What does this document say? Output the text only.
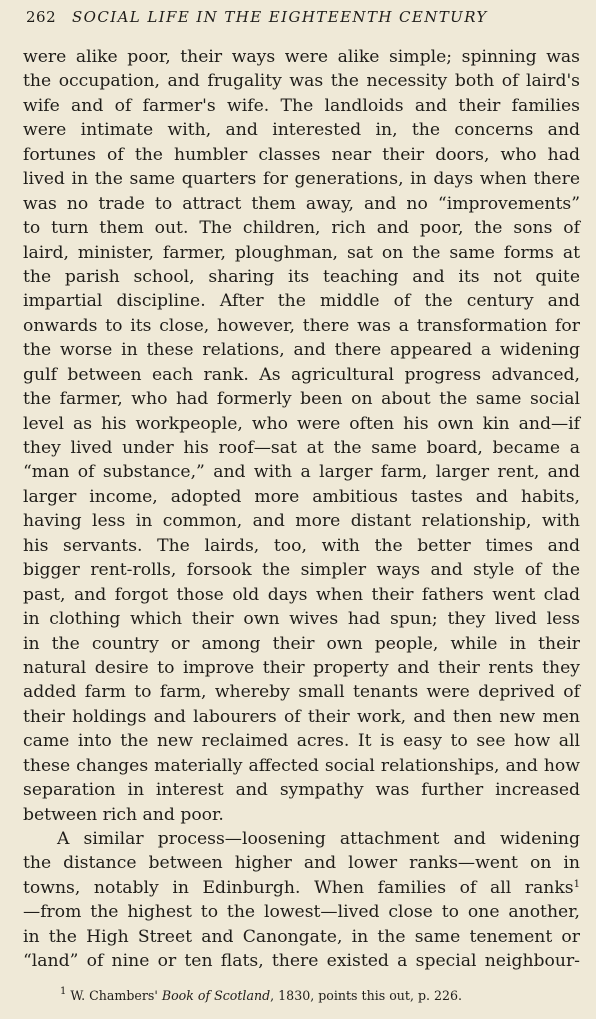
262 SOCIAL LIFE IN THE EIGHTEENTH CENTURY
were alike poor, their ways were alike simple; spinning was
the occupation, and frugality was the necessity both of laird's
wife and of farmer's wife. The landloids and their families
were intimate with, and interested in, the concerns and
fortunes of the humbler classes near their doors, who had
lived in the same quarters for generations, in days when there
was no trade to attract them away, and no “improvements”
to turn them out. The children, rich and poor, the sons of
laird, minister, farmer, ploughman, sat on the same forms at
the parish school, sharing its teaching and its not quite
impartial discipline. After the middle of the century and
onwards to its close, however, there was a transformation for
the worse in these relations, and there appeared a widening
gulf between each rank. As agricultural progress advanced,
the farmer, who had formerly been on about the same social
level as his workpeople, who were often his own kin and—if
they lived under his roof—sat at the same board, became a
“man of substance,” and with a larger farm, larger rent, and
larger income, adopted more ambitious tastes and habits,
having less in common, and more distant relationship, with
his servants. The lairds, too, with the better times and
bigger rent-rolls, forsook the simpler ways and style of the
past, and forgot those old days when their fathers went clad
in clothing which their own wives had spun; they lived less
in the country or among their own people, while in their
natural desire to improve their property and their rents they
added farm to farm, whereby small tenants were deprived of
their holdings and labourers of their work, and then new men
came into the new reclaimed acres. It is easy to see how all
these changes materially affected social relationships, and how
separation in interest and sympathy was further increased
between rich and poor.
A similar process—loosening attachment and widening
the distance between higher and lower ranks—went on in
towns, notably in Edinburgh. When families of all ranks$^1$
—from the highest to the lowest—lived close to one another,
in the High Street and Canongate, in the same tenement or
“land” of nine or ten flats, there existed a special neighbour-
$^1$ W. Chambers' Book of Scotland, 1830, points this out, p. 226.
